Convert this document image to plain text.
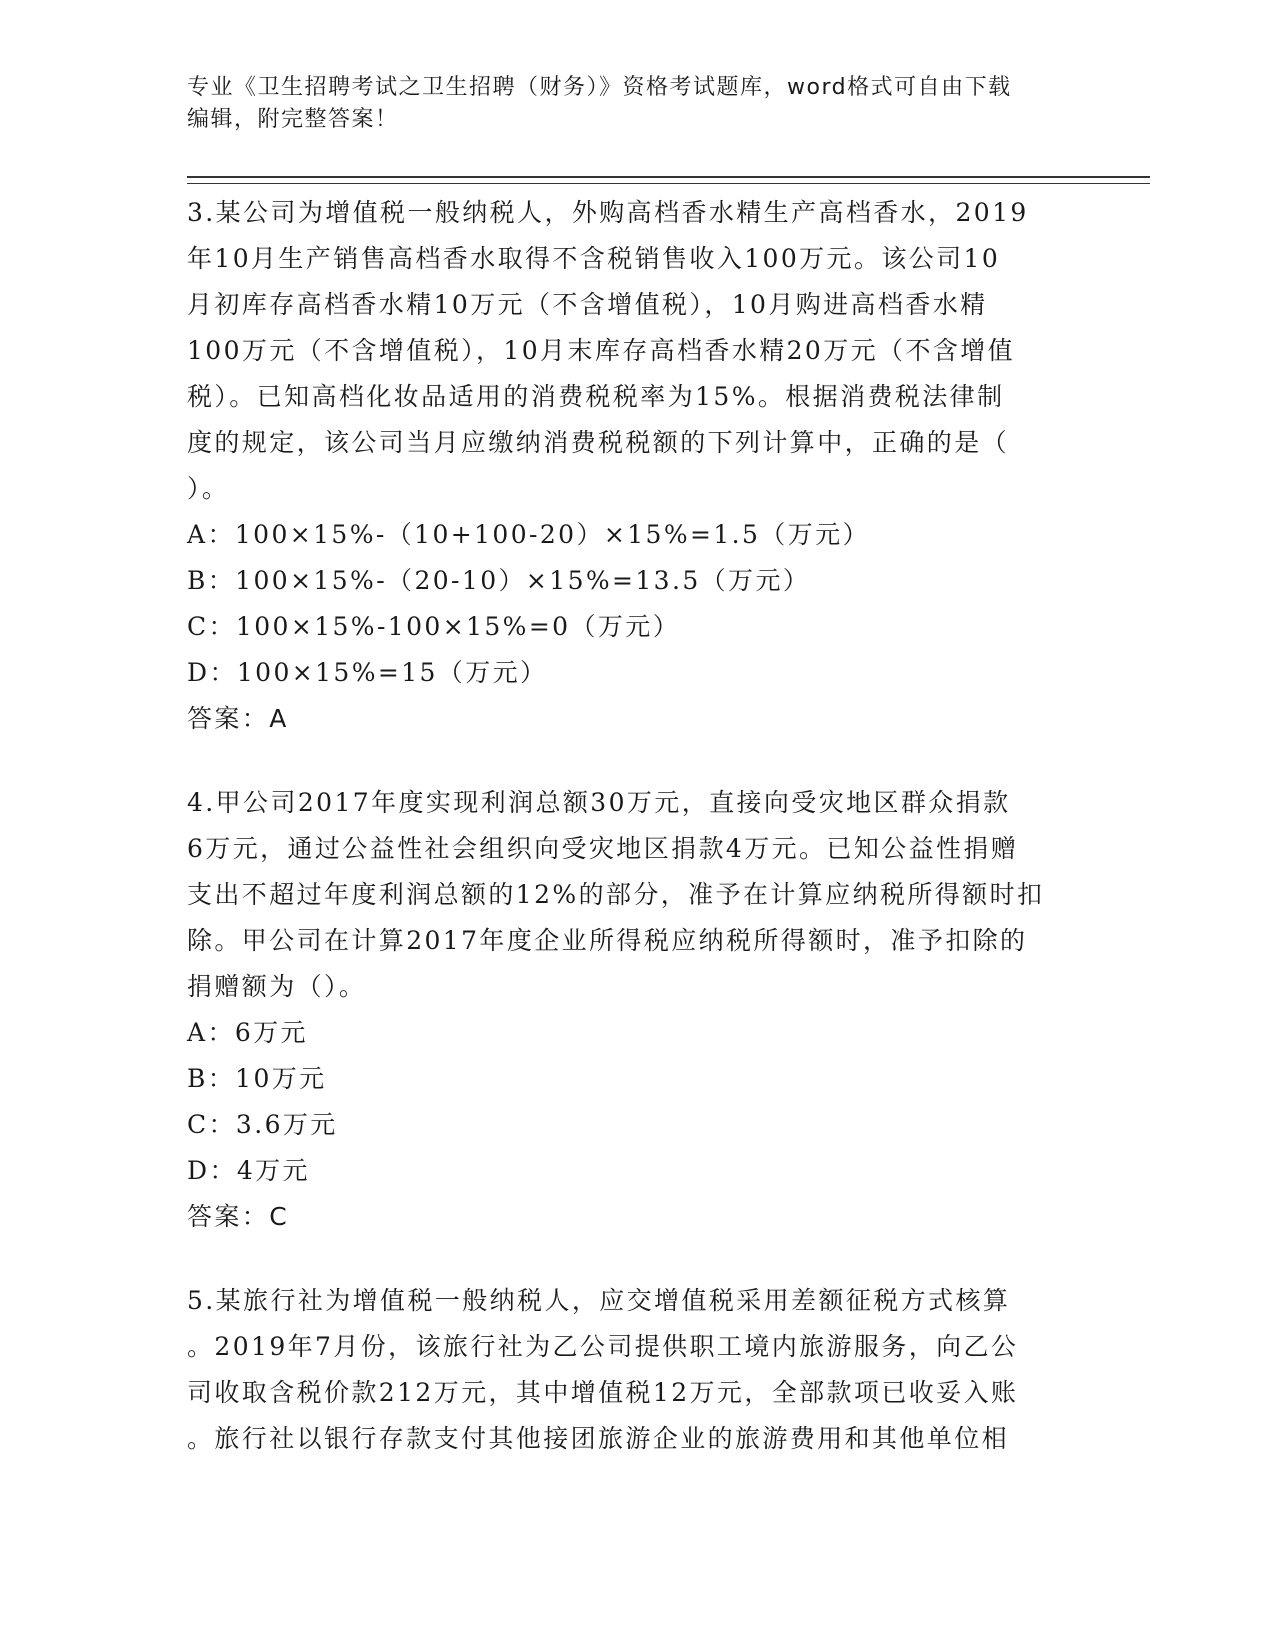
专业《卫生招聘考试之卫生招聘（财务）》资格考试题库，word格式可自由下载
编辑，附完整答案！
3.某公司为增值税一般纳税人，外购高档香水精生产高档香水，2019
年10月生产销售高档香水取得不含税销售收入100万元。该公司10
月初库存高档香水精10万元（不含增值税），10月购进高档香水精
100万元（不含增值税），10月末库存高档香水精20万元（不含增值
税）。已知高档化妆品适用的消费税税率为15%。根据消费税法律制
度的规定，该公司当月应缴纳消费税税额的下列计算中，正确的是（
）。
A：100×15%-（10+100-20）×15%=1.5（万元）
B：100×15%-（20-10）×15%=13.5（万元）
C：100×15%-100×15%=0（万元）
D：100×15%=15（万元）
答案：A
4.甲公司2017年度实现利润总额30万元，直接向受灾地区群众捐款
6万元，通过公益性社会组织向受灾地区捐款4万元。已知公益性捐赠
支出不超过年度利润总额的12%的部分，准予在计算应纳税所得额时扣
除。甲公司在计算2017年度企业所得税应纳税所得额时，准予扣除的
捐赠额为（）。
A：6万元
B：10万元
C：3.6万元
D：4万元
答案：C
5.某旅行社为增值税一般纳税人，应交增值税采用差额征税方式核算
。2019年7月份，该旅行社为乙公司提供职工境内旅游服务，向乙公
司收取含税价款212万元，其中增值税12万元，全部款项已收妥入账
。旅行社以银行存款支付其他接团旅游企业的旅游费用和其他单位相
